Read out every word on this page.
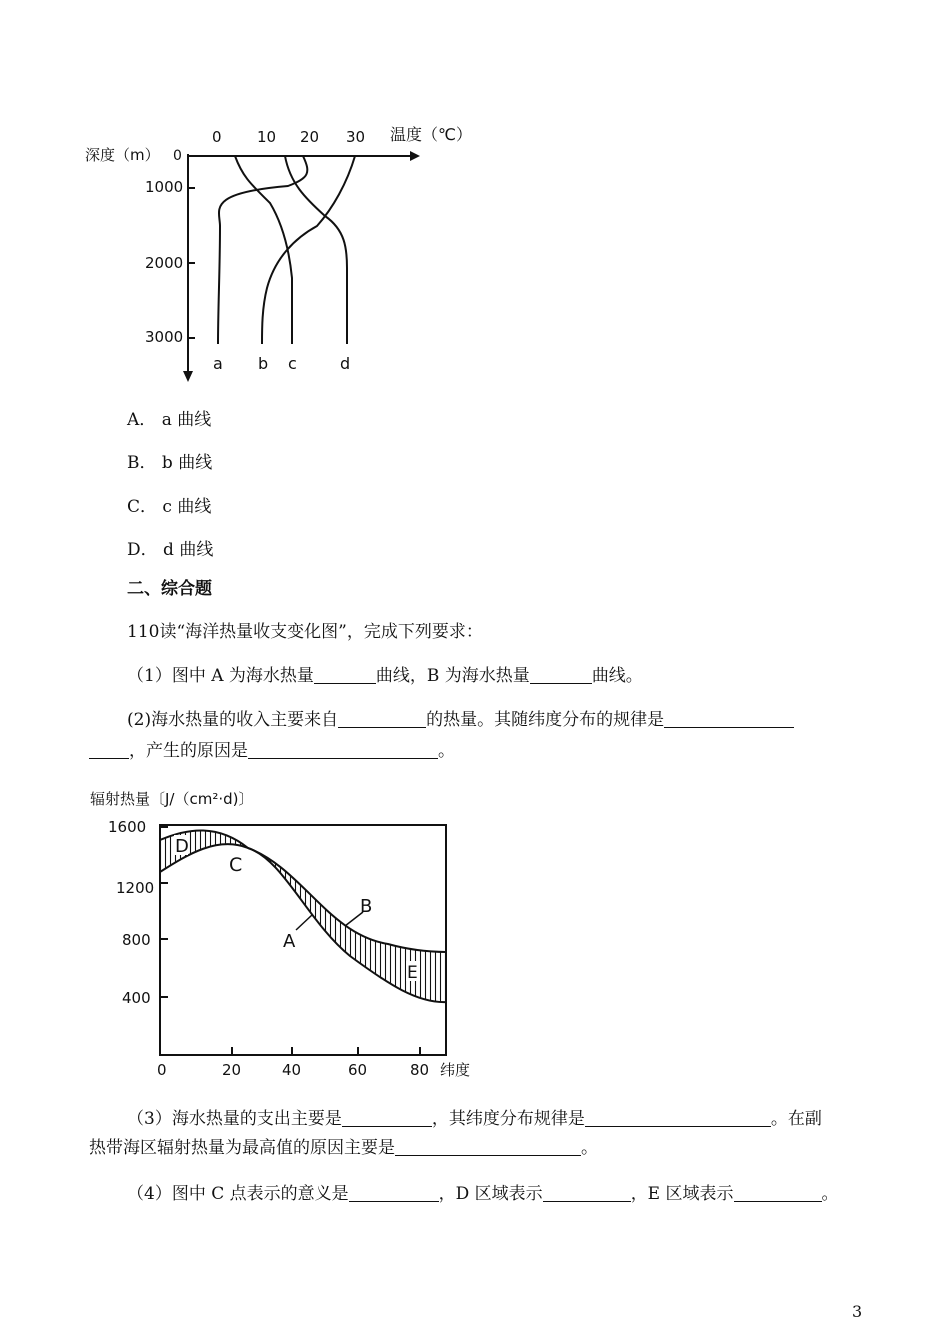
深度（m） 0
1000
2000
3000
0 10 20 30 温度（℃）
a b c	d
A． a 曲线
B． b 曲线
C． c 曲线
D． d 曲线
二、综合题
110读“海洋热量收支变化图”，完成下列要求：
（1）图中 A 为海水热量	曲线，B 为海水热量	曲线。
(2)海水热量的收入主要来自	的热量。其随纬度分布的规律是
，产生的原因是	。
辐射热量〔J/（cm²·d)〕
1600
1200
800
400
0	20	40	60	80 纬度
D
C
B
A
E
（3）海水热量的支出主要是	，其纬度分布规律是	。在副
热带海区辐射热量为最高值的原因主要是	。
（4）图中 C 点表示的意义是	，D 区域表示	，E 区域表示	。
3
